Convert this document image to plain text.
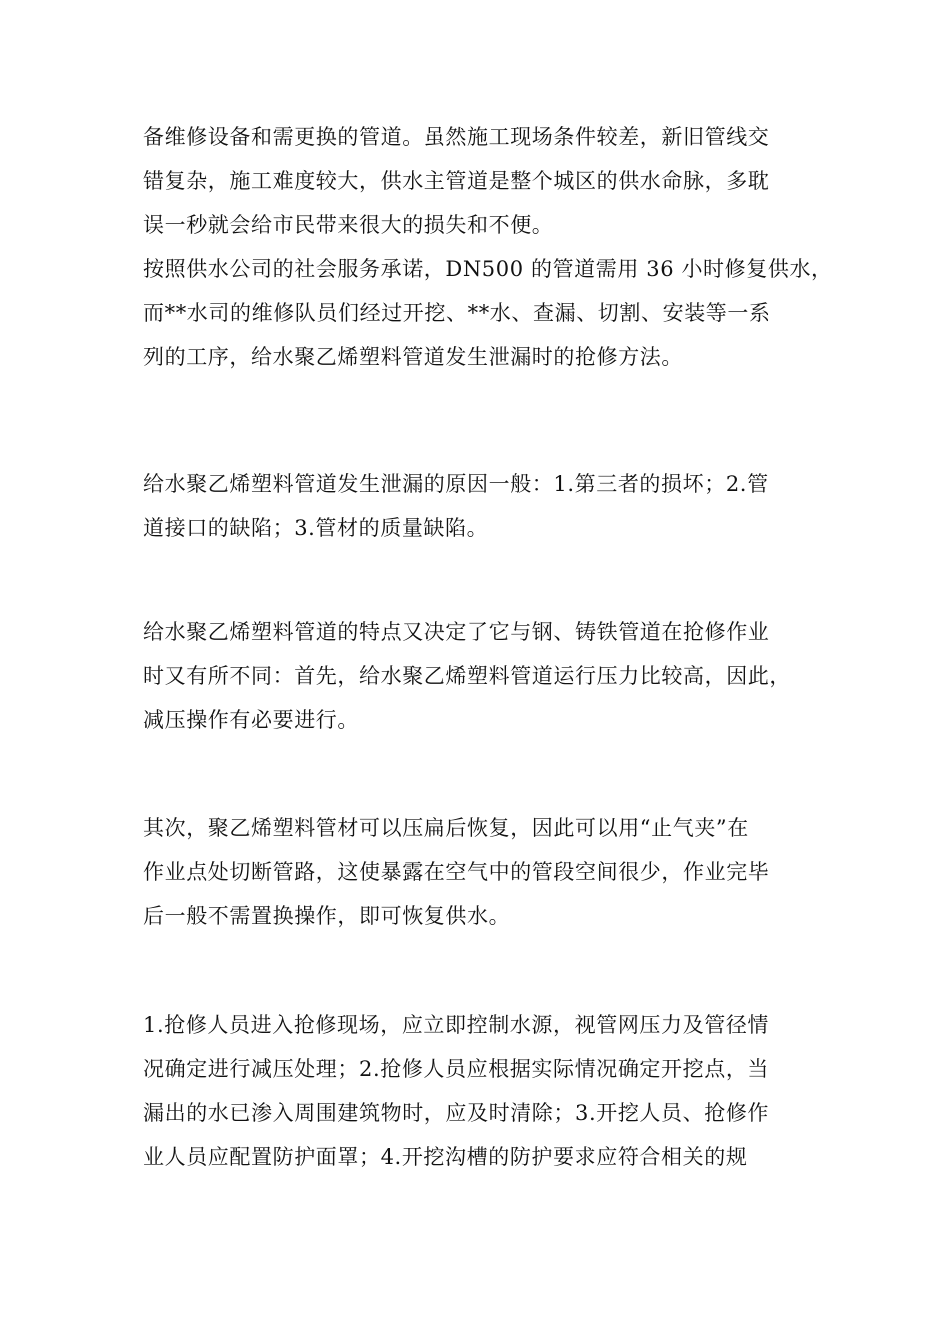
备维修设备和需更换的管道。虽然施工现场条件较差，新旧管线交
错复杂，施工难度较大，供水主管道是整个城区的供水命脉，多耽
误一秒就会给市民带来很大的损失和不便。
按照供水公司的社会服务承诺，DN500 的管道需用 36 小时修复供水，
而**水司的维修队员们经过开挖、**水、查漏、切割、安装等一系
列的工序，给水聚乙烯塑料管道发生泄漏时的抢修方法。
给水聚乙烯塑料管道发生泄漏的原因一般：1.第三者的损坏；2.管
道接口的缺陷；3.管材的质量缺陷。
给水聚乙烯塑料管道的特点又决定了它与钢、铸铁管道在抢修作业
时又有所不同：首先，给水聚乙烯塑料管道运行压力比较高，因此，
减压操作有必要进行。
其次，聚乙烯塑料管材可以压扁后恢复，因此可以用“止气夹”在
作业点处切断管路，这使暴露在空气中的管段空间很少，作业完毕
后一般不需置换操作，即可恢复供水。
1.抢修人员进入抢修现场，应立即控制水源，视管网压力及管径情
况确定进行减压处理；2.抢修人员应根据实际情况确定开挖点，当
漏出的水已渗入周围建筑物时，应及时清除；3.开挖人员、抢修作
业人员应配置防护面罩；4.开挖沟槽的防护要求应符合相关的规
